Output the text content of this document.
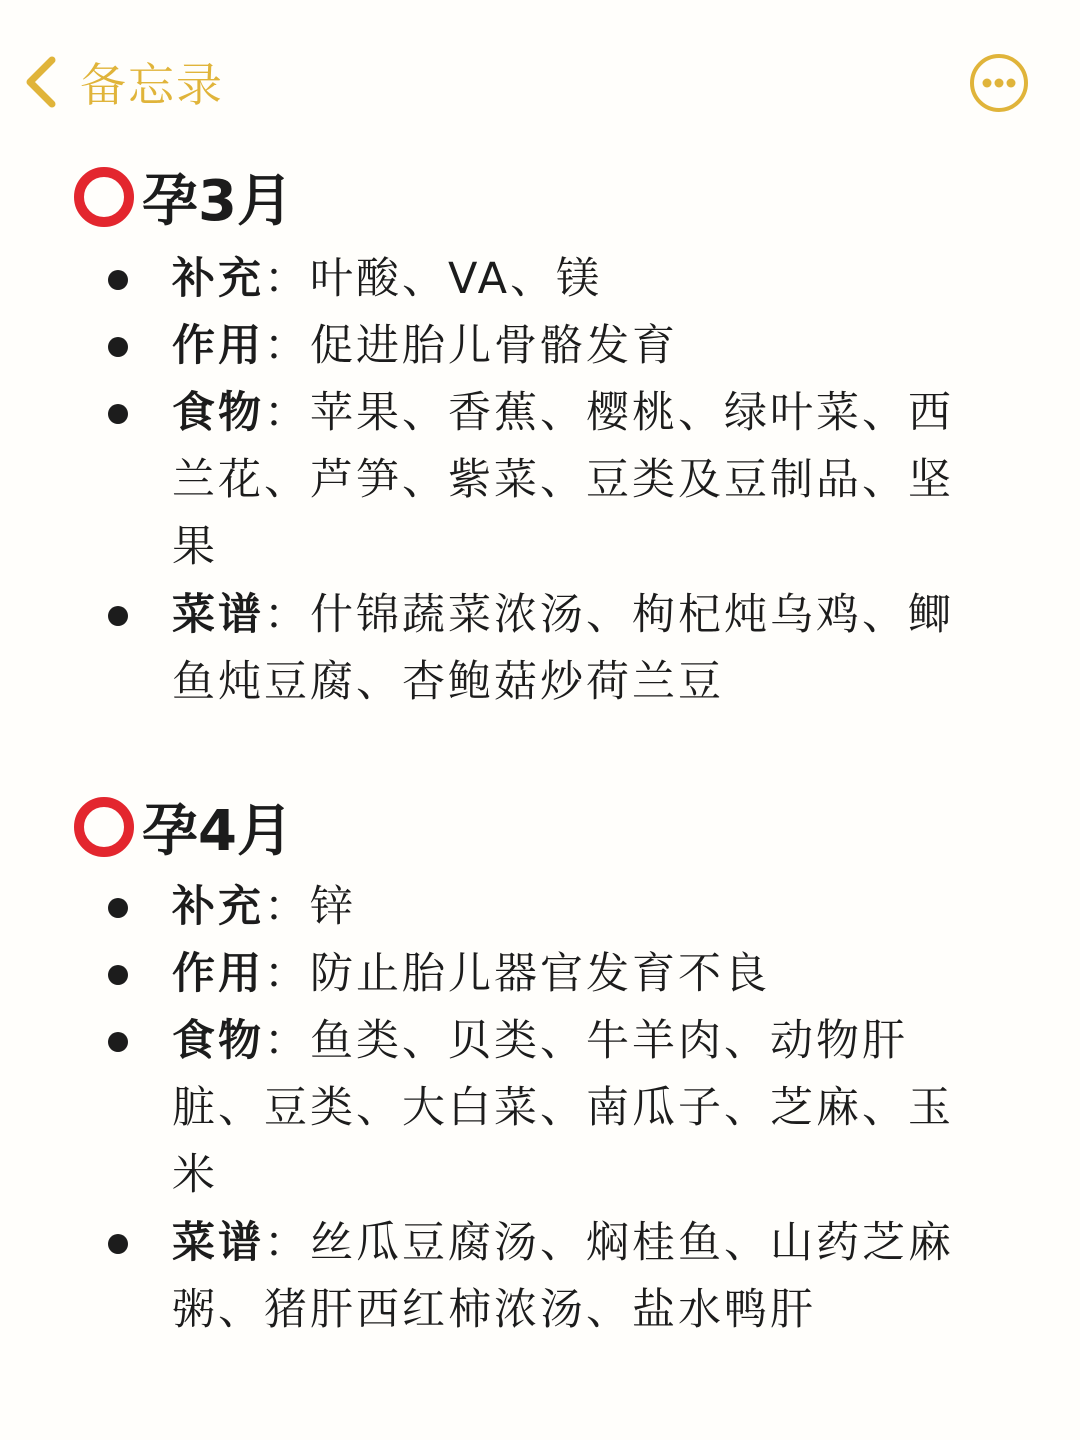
备忘录
孕3月
补充：叶酸、VA、镁
作用：促进胎儿骨骼发育
食物：苹果、香蕉、樱桃、绿叶菜、西兰花、芦笋、紫菜、豆类及豆制品、坚果
菜谱：什锦蔬菜浓汤、枸杞炖乌鸡、鲫鱼炖豆腐、杏鲍菇炒荷兰豆
孕4月
补充：锌
作用：防止胎儿器官发育不良
食物：鱼类、贝类、牛羊肉、动物肝脏、豆类、大白菜、南瓜子、芝麻、玉米
菜谱：丝瓜豆腐汤、焖桂鱼、山药芝麻粥、猪肝西红柿浓汤、盐水鸭肝
